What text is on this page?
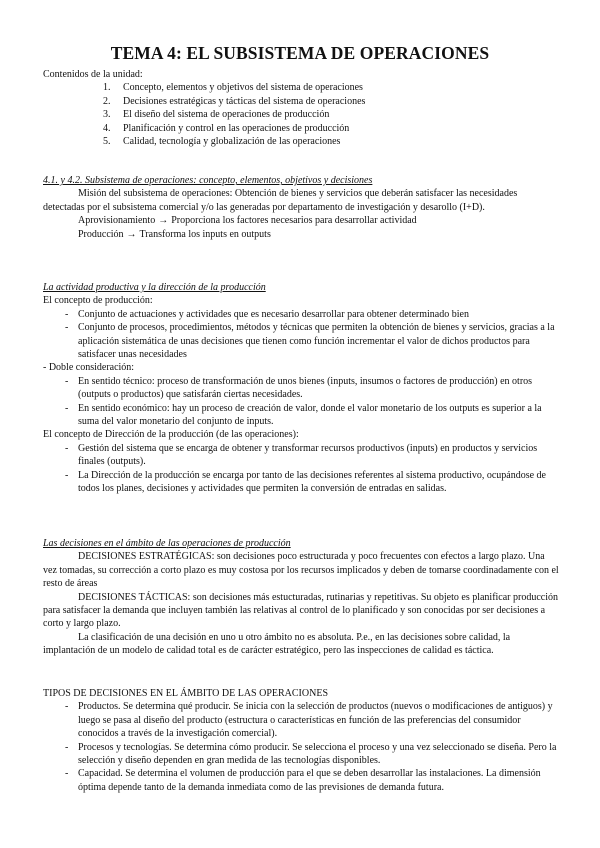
TEMA 4: EL SUBSISTEMA DE OPERACIONES

Contenidos de la unidad:

1.	Concepto, elementos y objetivos del sistema de operaciones
2.	Decisiones estratégicas y tácticas del sistema de operaciones
3.	El diseño del sistema de operaciones de producción
4.	Planificación y control en las operaciones de producción
5.	Calidad, tecnología y globalización de las operaciones

4.1. y 4.2. Subsistema de operaciones: concepto, elementos, objetivos y decisiones

Misión del subsistema de operaciones: Obtención de bienes y servicios que deberán satisfacer las necesidades detectadas por el subsistema comercial y/o las generadas por departamento de investigación y desarollo (I+D).

Aprovisionamiento → Proporciona los factores necesarios para desarrollar actividad

Producción → Transforma los inputs en outputs

La actividad productiva y la dirección de la producción

El concepto de producción:

- Conjunto de actuaciones y actividades que es necesario desarrollar para obtener determinado bien
- Conjunto de procesos, procedimientos, métodos y técnicas que permiten la obtención de bienes y servicios, gracias a la aplicación sistemática de unas decisiones que tienen como función incrementar el valor de dichos productos para satisfacer unas necesidades

- Doble consideración:

- En sentido técnico: proceso de transformación de unos bienes (inputs, insumos o factores de producción) en otros (outputs o productos) que satisfarán ciertas necesidades.
- En sentido económico: hay un proceso de creación de valor, donde el valor monetario de los outputs es superior a la suma del valor monetario del conjunto de inputs.

El concepto de Dirección de la producción (de las operaciones):

- Gestión del sistema que se encarga de obtener y transformar recursos productivos (inputs) en productos y servicios finales (outputs).
- La Dirección de la producción se encarga por tanto de las decisiones referentes al sistema productivo, ocupándose de todos los planes, decisiones y actividades que permiten la conversión de entradas en salidas.

Las decisiones en el ámbito de las operaciones de producción

DECISIONES ESTRATÉGICAS: son decisiones poco estructurada y poco frecuentes con efectos a largo plazo. Una vez tomadas, su corrección a corto plazo es muy costosa por los recursos implicados y deben de tomarse coordinadamente con el resto de áreas

DECISIONES TÁCTICAS: son decisiones más estucturadas, rutinarias y repetitivas. Su objeto es planificar producción para satisfacer la demanda que incluyen también las relativas al control de lo planificado y son conocidas por ser decisiones a corto y largo plazo.

La clasificación de una decisión en uno u otro ámbito no es absoluta. P.e., en las decisiones sobre calidad, la implantación de un modelo de calidad total es de carácter estratégico, pero las inspecciones de calidad es táctica.

TIPOS DE DECISIONES EN EL ÁMBITO DE LAS OPERACIONES

- Productos. Se determina qué producir. Se inicia con la selección de productos (nuevos o modificaciones de antiguos) y luego se pasa al diseño del producto (estructura o características en función de las preferencias del consumidor conocidos a través de la investigación comercial).
- Procesos y tecnologías. Se determina cómo producir. Se selecciona el proceso y una vez seleccionado se diseña. Pero la selección y diseño dependen en gran medida de las tecnologías disponibles.
- Capacidad. Se determina el volumen de producción para el que se deben desarrollar las instalaciones. La dimensión óptima depende tanto de la demanda inmediata como de las previsiones de demanda futura.
